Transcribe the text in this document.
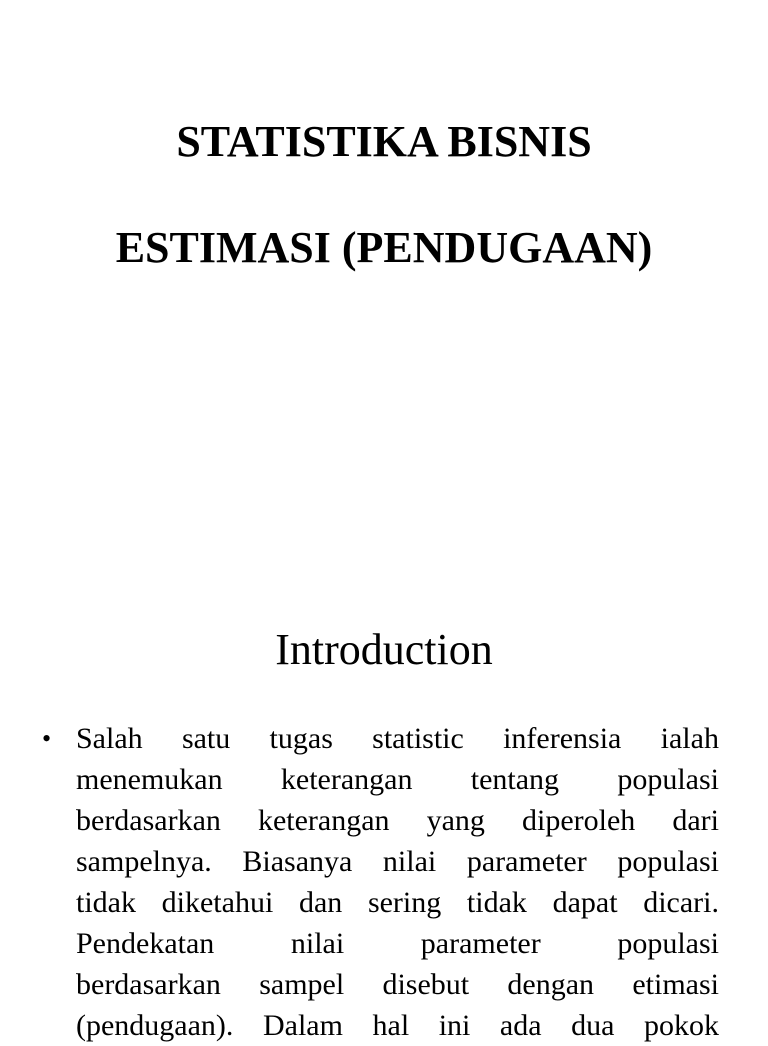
STATISTIKA BISNIS
ESTIMASI (PENDUGAAN)
Introduction
• Salah satu tugas statistic inferensia ialah
menemukan keterangan tentang populasi
berdasarkan keterangan yang diperoleh dari
sampelnya. Biasanya nilai parameter populasi
tidak diketahui dan sering tidak dapat dicari.
Pendekatan	nilai	parameter	populasi
berdasarkan sampel disebut dengan etimasi
(pendugaan). Dalam hal ini ada dua pokok
